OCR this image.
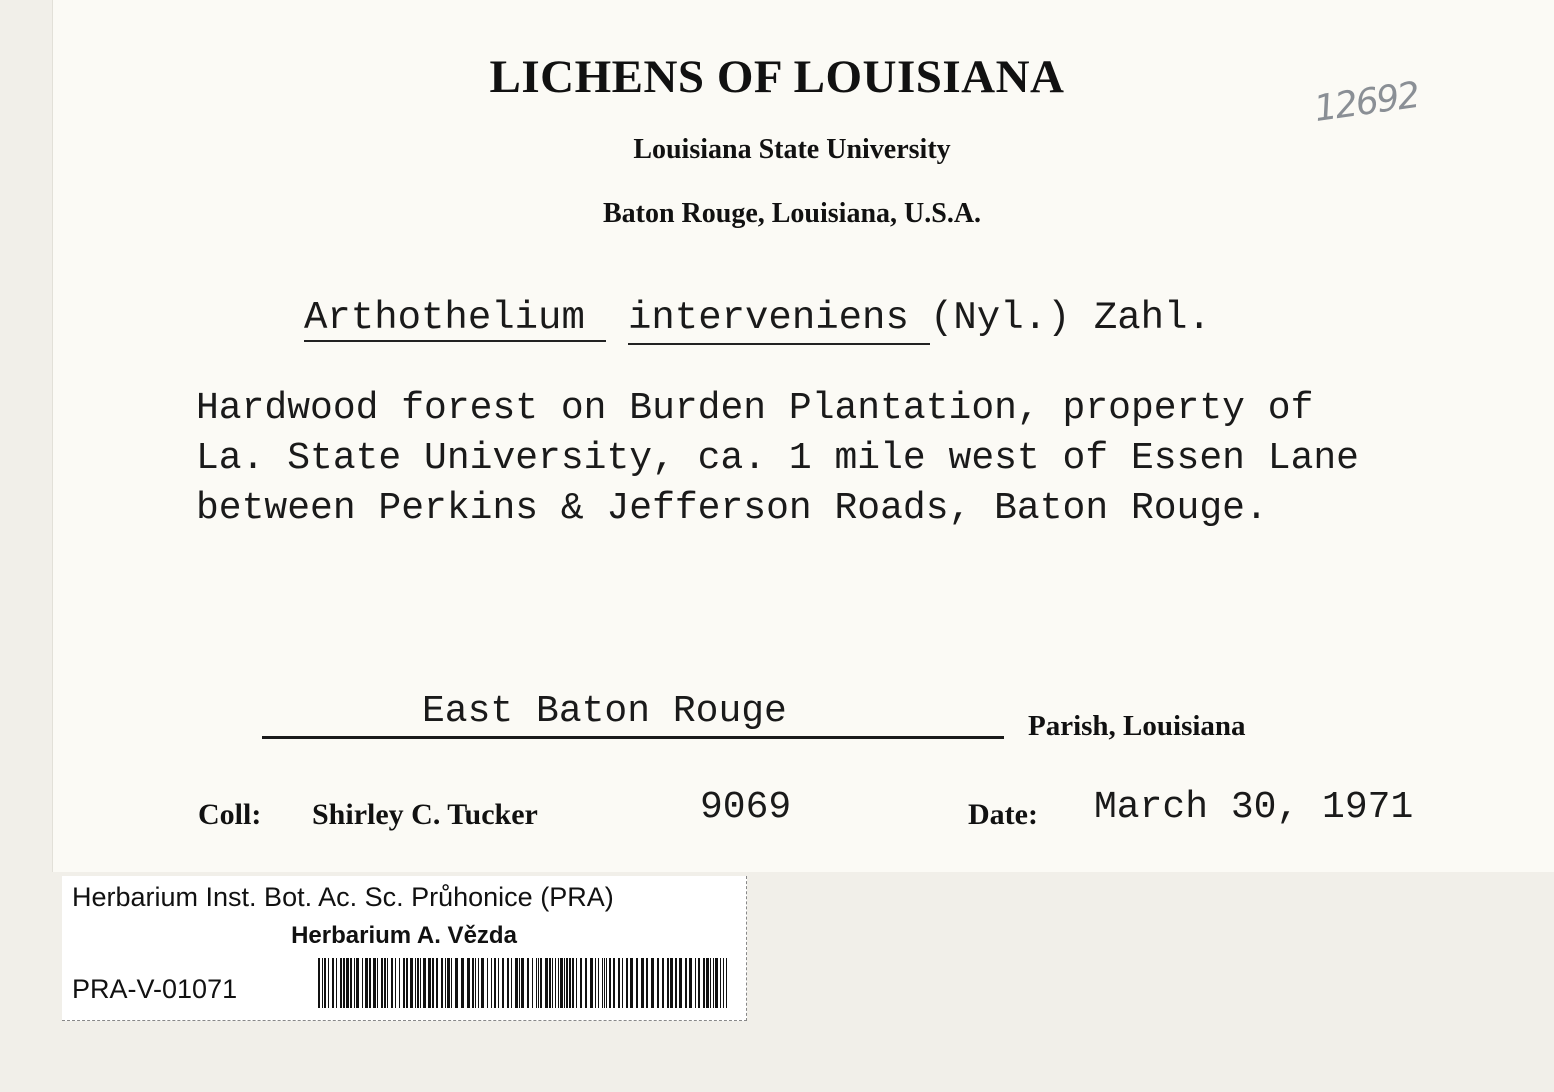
LICHENS OF LOUISIANA
Louisiana State University
Baton Rouge, Louisiana, U.S.A.
12692
Arthothelium interveniens (Nyl.) Zahl.
Hardwood forest on Burden Plantation, property of
La. State University, ca. 1 mile west of Essen Lane
between Perkins & Jefferson Roads, Baton Rouge.
East Baton Rouge	Parish, Louisiana
Coll: Shirley C. Tucker	9069	Date: March 30, 1971
Herbarium Inst. Bot. Ac. Sc. Průhonice (PRA)
Herbarium A. Vězda
PRA-V-01071
